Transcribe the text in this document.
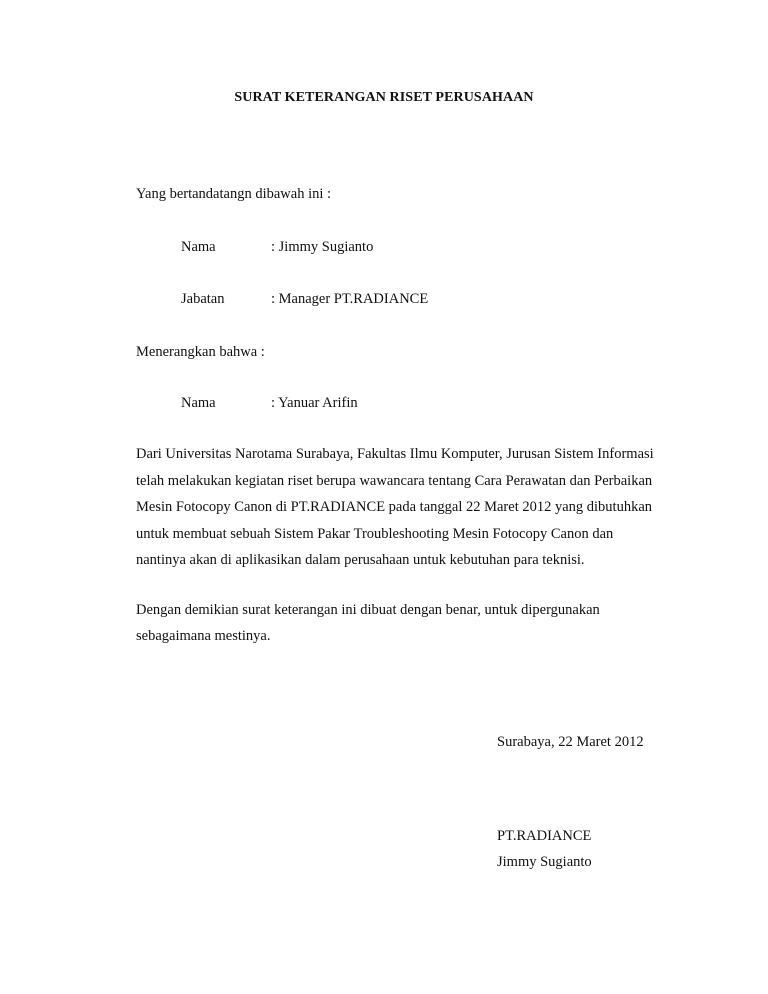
SURAT KETERANGAN RISET PERUSAHAAN
Yang bertandatangn dibawah ini :
Nama	: Jimmy Sugianto
Jabatan	: Manager PT.RADIANCE
Menerangkan bahwa :
Nama	: Yanuar Arifin
Dari Universitas Narotama Surabaya, Fakultas Ilmu Komputer, Jurusan Sistem Informasi
telah melakukan kegiatan riset berupa wawancara tentang Cara Perawatan dan Perbaikan
Mesin Fotocopy Canon di PT.RADIANCE pada tanggal 22 Maret 2012 yang dibutuhkan
untuk membuat sebuah Sistem Pakar Troubleshooting Mesin Fotocopy Canon dan
nantinya akan di aplikasikan dalam perusahaan untuk kebutuhan para teknisi.
Dengan demikian surat keterangan ini dibuat dengan benar, untuk dipergunakan
sebagaimana mestinya.
Surabaya, 22 Maret 2012
PT.RADIANCE
Jimmy Sugianto
